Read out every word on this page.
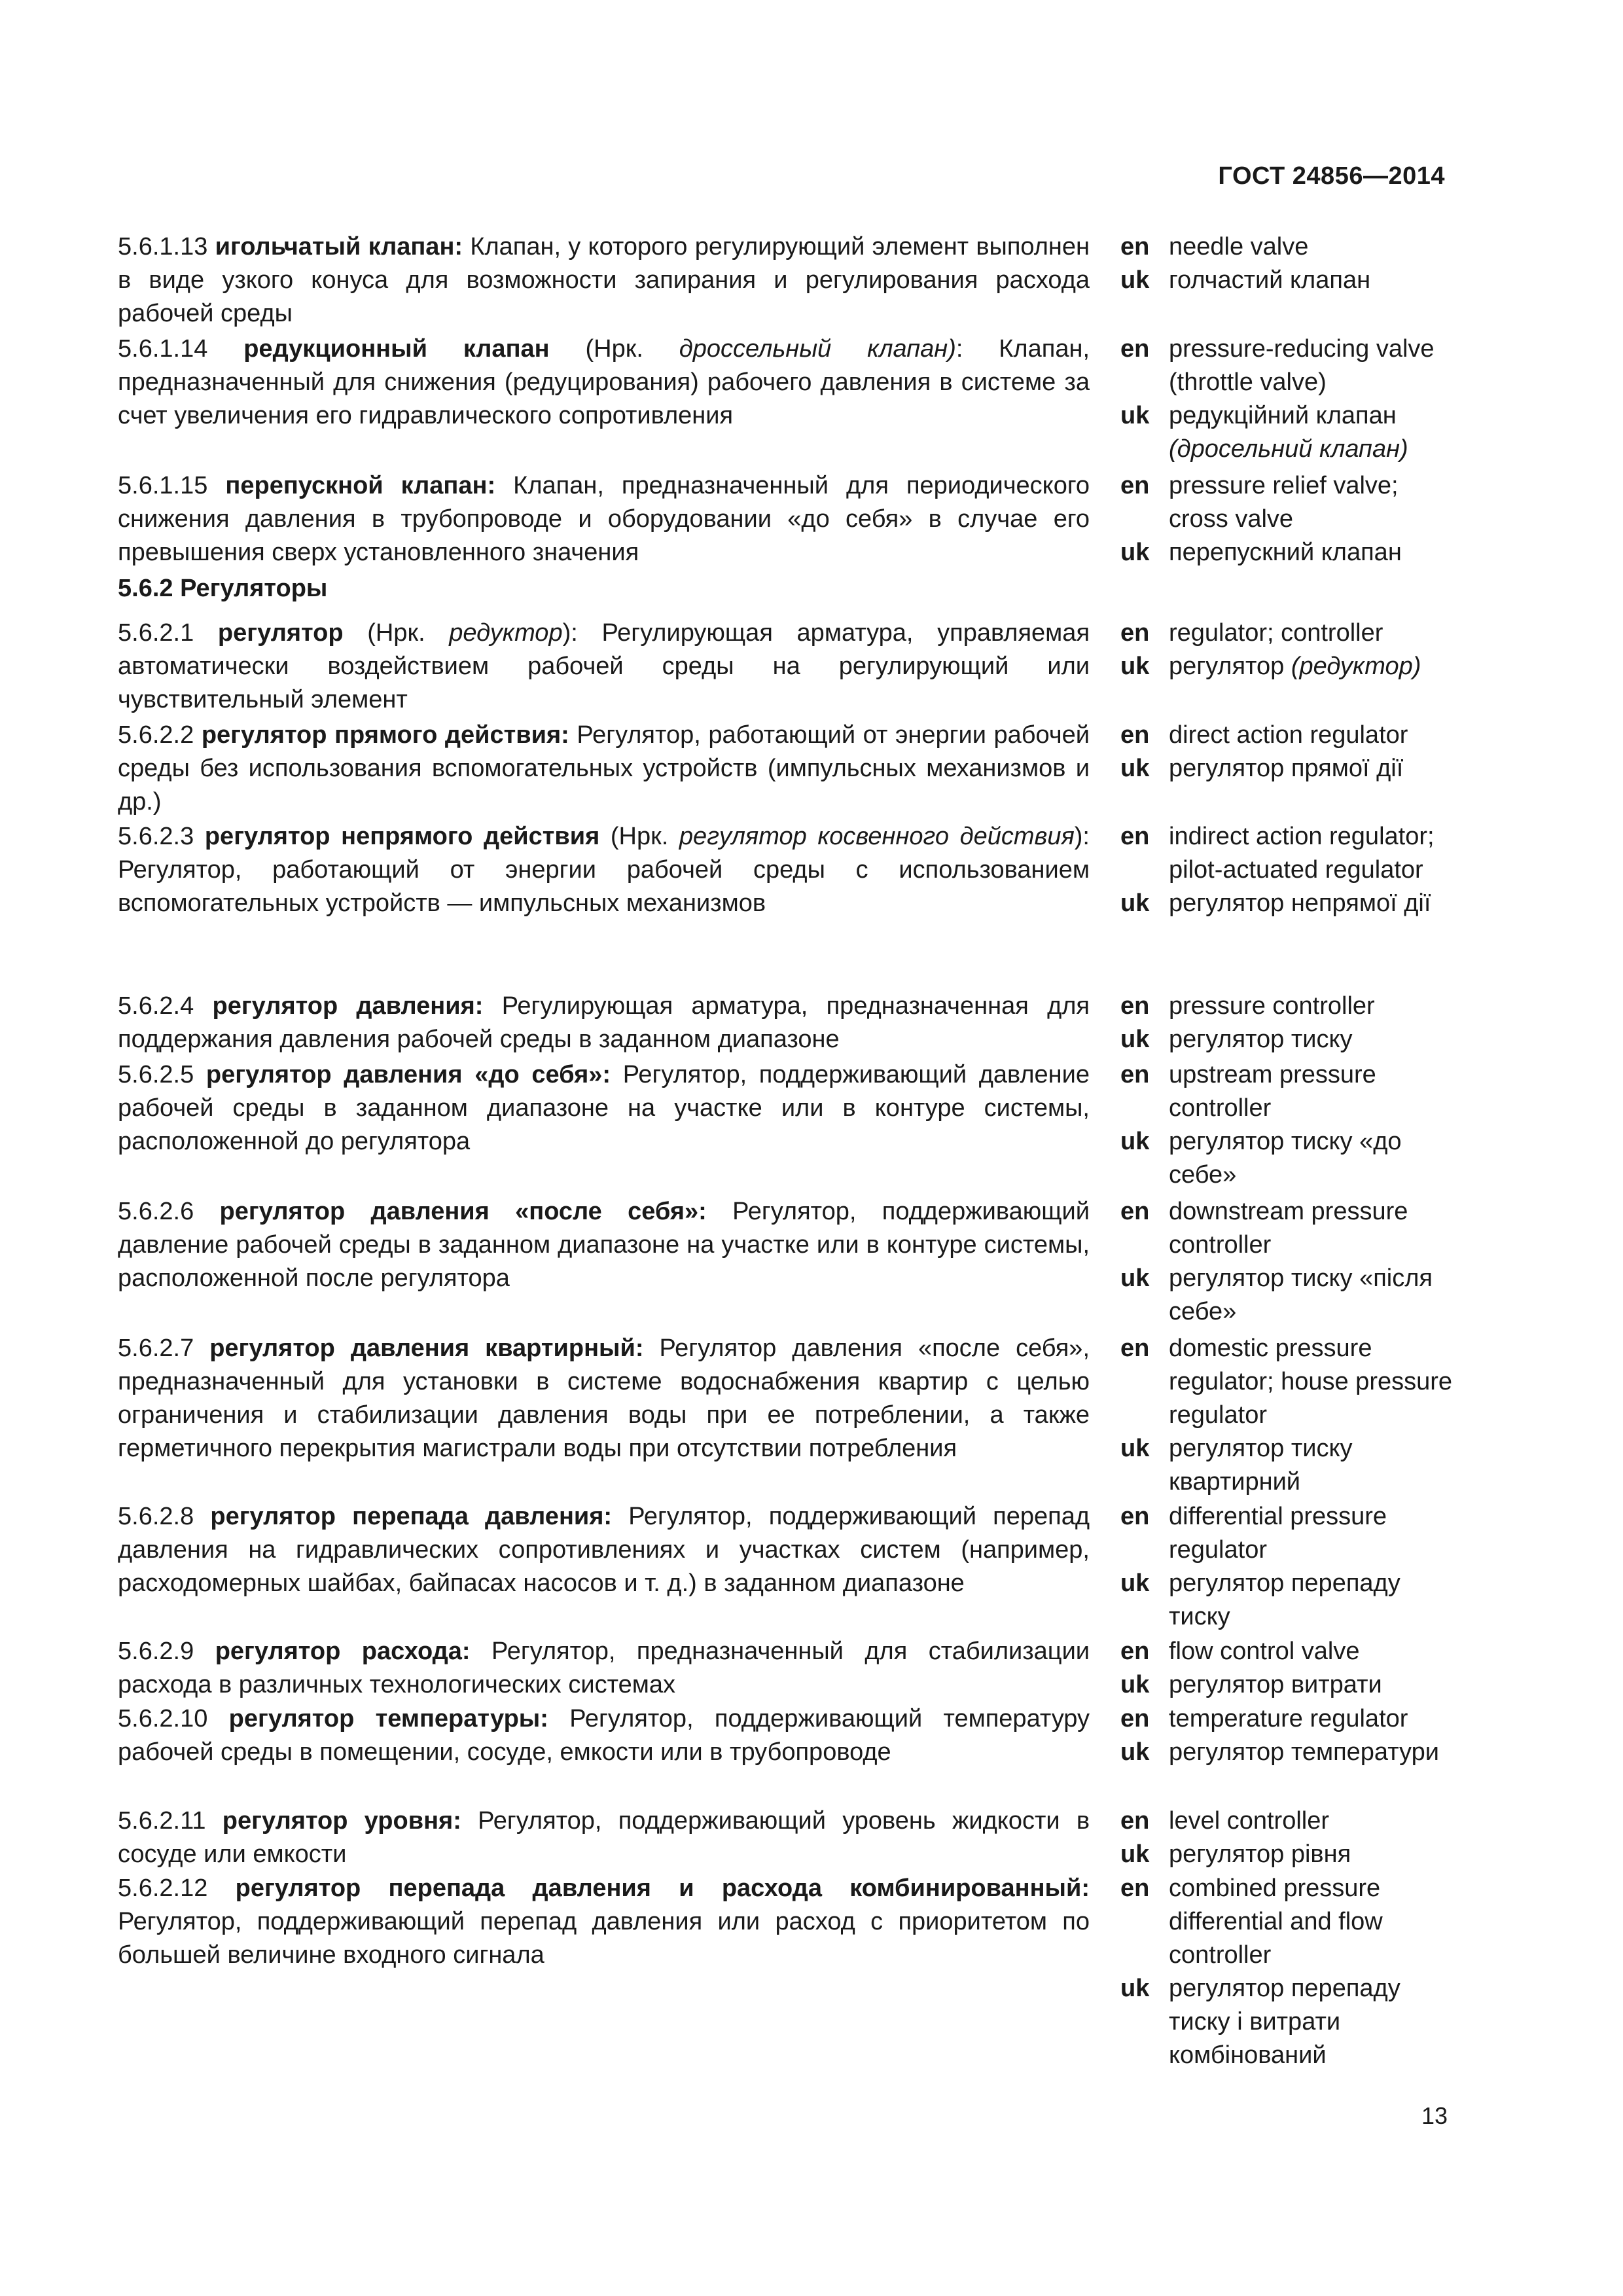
ГОСТ 24856—2014
5.6.1.13 игольчатый клапан: Клапан, у которого регулирующий элемент выполнен в виде узкого конуса для возможности запирания и регулирования расхода рабочей среды
en needle valve
uk голчастий клапан
5.6.1.14 редукционный клапан (Нрк. дроссельный клапан): Клапан, предназначенный для снижения (редуцирования) рабочего давления в системе за счет увеличения его гидравлического сопротивления
en pressure-reducing valve (throttle valve)
uk редукційний клапан (дросельний клапан)
5.6.1.15 перепускной клапан: Клапан, предназначенный для периодического снижения давления в трубопроводе и оборудовании «до себя» в случае его превышения сверх установленного значения
en pressure relief valve; cross valve
uk перепускний клапан
5.6.2 Регуляторы
5.6.2.1 регулятор (Нрк. редуктор): Регулирующая арматура, управляемая автоматически воздействием рабочей среды на регулирующий или чувствительный элемент
en regulator; controller
uk регулятор (редуктор)
5.6.2.2 регулятор прямого действия: Регулятор, работающий от энергии рабочей среды без использования вспомогательных устройств (импульсных механизмов и др.)
en direct action regulator
uk регулятор прямої дії
5.6.2.3 регулятор непрямого действия (Нрк. регулятор косвенного действия): Регулятор, работающий от энергии рабочей среды с использованием вспомогательных устройств — импульсных механизмов
en indirect action regulator; pilot-actuated regulator
uk регулятор непрямої дії
5.6.2.4 регулятор давления: Регулирующая арматура, предназначенная для поддержания давления рабочей среды в заданном диапазоне
en pressure controller
uk регулятор тиску
5.6.2.5 регулятор давления «до себя»: Регулятор, поддерживающий давление рабочей среды в заданном диапазоне на участке или в контуре системы, расположенной до регулятора
en upstream pressure controller
uk регулятор тиску «до себе»
5.6.2.6 регулятор давления «после себя»: Регулятор, поддерживающий давление рабочей среды в заданном диапазоне на участке или в контуре системы, расположенной после регулятора
en downstream pressure controller
uk регулятор тиску «після себе»
5.6.2.7 регулятор давления квартирный: Регулятор давления «после себя», предназначенный для установки в системе водоснабжения квартир с целью ограничения и стабилизации давления воды при ее потреблении, а также герметичного перекрытия магистрали воды при отсутствии потребления
en domestic pressure regulator; house pressure regulator
uk регулятор тиску квартирний
5.6.2.8 регулятор перепада давления: Регулятор, поддерживающий перепад давления на гидравлических сопротивлениях и участках систем (например, расходомерных шайбах, байпасах насосов и т. д.) в заданном диапазоне
en differential pressure regulator
uk регулятор перепаду тиску
5.6.2.9 регулятор расхода: Регулятор, предназначенный для стабилизации расхода в различных технологических системах
en flow control valve
uk регулятор витрати
5.6.2.10 регулятор температуры: Регулятор, поддерживающий температуру рабочей среды в помещении, сосуде, емкости или в трубопроводе
en temperature regulator
uk регулятор температури
5.6.2.11 регулятор уровня: Регулятор, поддерживающий уровень жидкости в сосуде или емкости
en level controller
uk регулятор рівня
5.6.2.12 регулятор перепада давления и расхода комбинированный: Регулятор, поддерживающий перепад давления или расход с приоритетом по большей величине входного сигнала
en combined pressure differential and flow controller
uk регулятор перепаду тиску і витрати комбінований
13
